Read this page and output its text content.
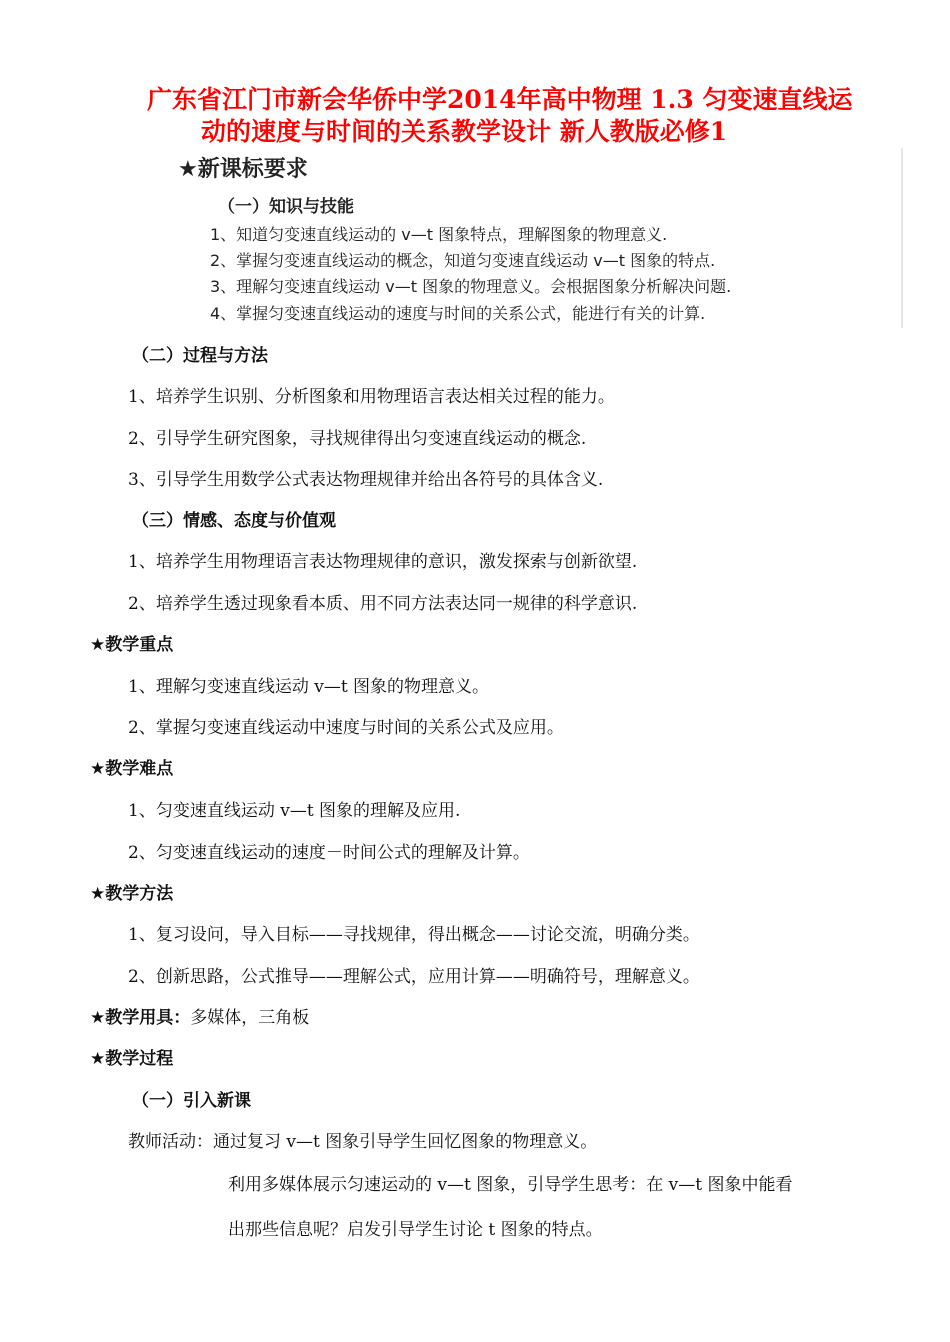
广东省江门市新会华侨中学2014年高中物理 1.3 匀变速直线运
动的速度与时间的关系教学设计 新人教版必修1
★新课标要求
（一）知识与技能
1、知道匀变速直线运动的 v—t 图象特点，理解图象的物理意义.
2、掌握匀变速直线运动的概念，知道匀变速直线运动 v—t 图象的特点.
3、理解匀变速直线运动 v—t 图象的物理意义。会根据图象分析解决问题.
4、掌握匀变速直线运动的速度与时间的关系公式，能进行有关的计算.
（二）过程与方法
1、培养学生识别、分析图象和用物理语言表达相关过程的能力。
2、引导学生研究图象，寻找规律得出匀变速直线运动的概念.
3、引导学生用数学公式表达物理规律并给出各符号的具体含义.
（三）情感、态度与价值观
1、培养学生用物理语言表达物理规律的意识，激发探索与创新欲望.
2、培养学生透过现象看本质、用不同方法表达同一规律的科学意识.
★教学重点
1、理解匀变速直线运动 v—t 图象的物理意义。
2、掌握匀变速直线运动中速度与时间的关系公式及应用。
★教学难点
1、匀变速直线运动 v—t 图象的理解及应用.
2、匀变速直线运动的速度－时间公式的理解及计算。
★教学方法
1、复习设问，导入目标——寻找规律，得出概念——讨论交流，明确分类。
2、创新思路，公式推导——理解公式，应用计算——明确符号，理解意义。
★教学用具：多媒体，三角板
★教学过程
（一）引入新课
教师活动：通过复习 v—t 图象引导学生回忆图象的物理意义。
利用多媒体展示匀速运动的 v—t 图象，引导学生思考：在 v—t 图象中能看
出那些信息呢？启发引导学生讨论 t 图象的特点。
